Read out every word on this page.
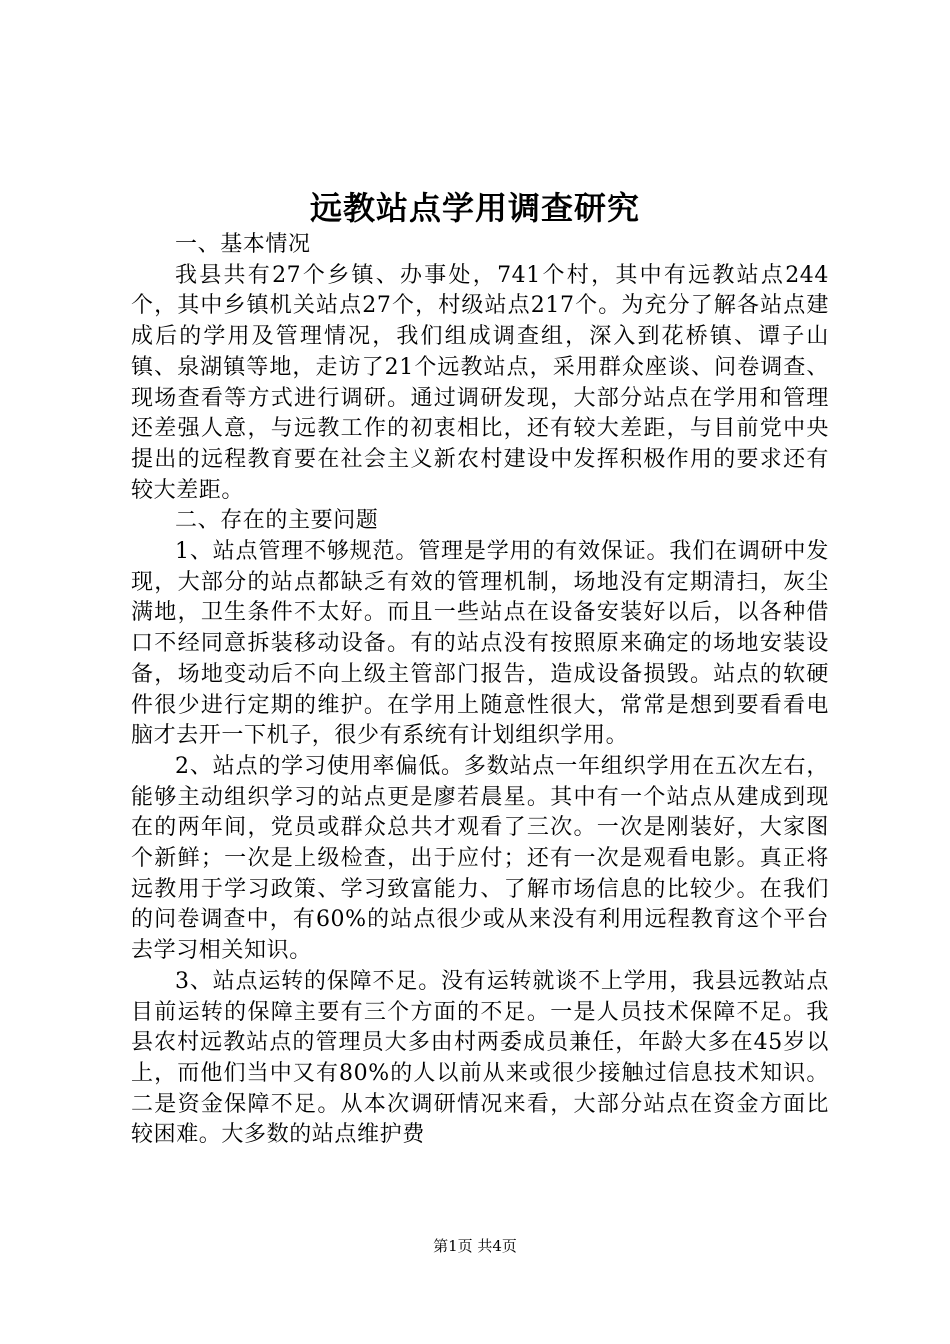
远教站点学用调查研究

一、基本情况

我县共有27个乡镇、办事处，741个村，其中有远教站点244个，其中乡镇机关站点27个，村级站点217个。为充分了解各站点建成后的学用及管理情况，我们组成调查组，深入到花桥镇、谭子山镇、泉湖镇等地，走访了21个远教站点，采用群众座谈、问卷调查、现场查看等方式进行调研。通过调研发现，大部分站点在学用和管理还差强人意，与远教工作的初衷相比，还有较大差距，与目前党中央提出的远程教育要在社会主义新农村建设中发挥积极作用的要求还有较大差距。

二、存在的主要问题

1、站点管理不够规范。管理是学用的有效保证。我们在调研中发现，大部分的站点都缺乏有效的管理机制，场地没有定期清扫，灰尘满地，卫生条件不太好。而且一些站点在设备安装好以后，以各种借口不经同意拆装移动设备。有的站点没有按照原来确定的场地安装设备，场地变动后不向上级主管部门报告，造成设备损毁。站点的软硬件很少进行定期的维护。在学用上随意性很大，常常是想到要看看电脑才去开一下机子，很少有系统有计划组织学用。

2、站点的学习使用率偏低。多数站点一年组织学用在五次左右，能够主动组织学习的站点更是廖若晨星。其中有一个站点从建成到现在的两年间，党员或群众总共才观看了三次。一次是刚装好，大家图个新鲜；一次是上级检查，出于应付；还有一次是观看电影。真正将远教用于学习政策、学习致富能力、了解市场信息的比较少。在我们的问卷调查中，有60%的站点很少或从来没有利用远程教育这个平台去学习相关知识。

3、站点运转的保障不足。没有运转就谈不上学用，我县远教站点目前运转的保障主要有三个方面的不足。一是人员技术保障不足。我县农村远教站点的管理员大多由村两委成员兼任，年龄大多在45岁以上，而他们当中又有80%的人以前从来或很少接触过信息技术知识。二是资金保障不足。从本次调研情况来看，大部分站点在资金方面比较困难。大多数的站点维护费

第1页 共4页
